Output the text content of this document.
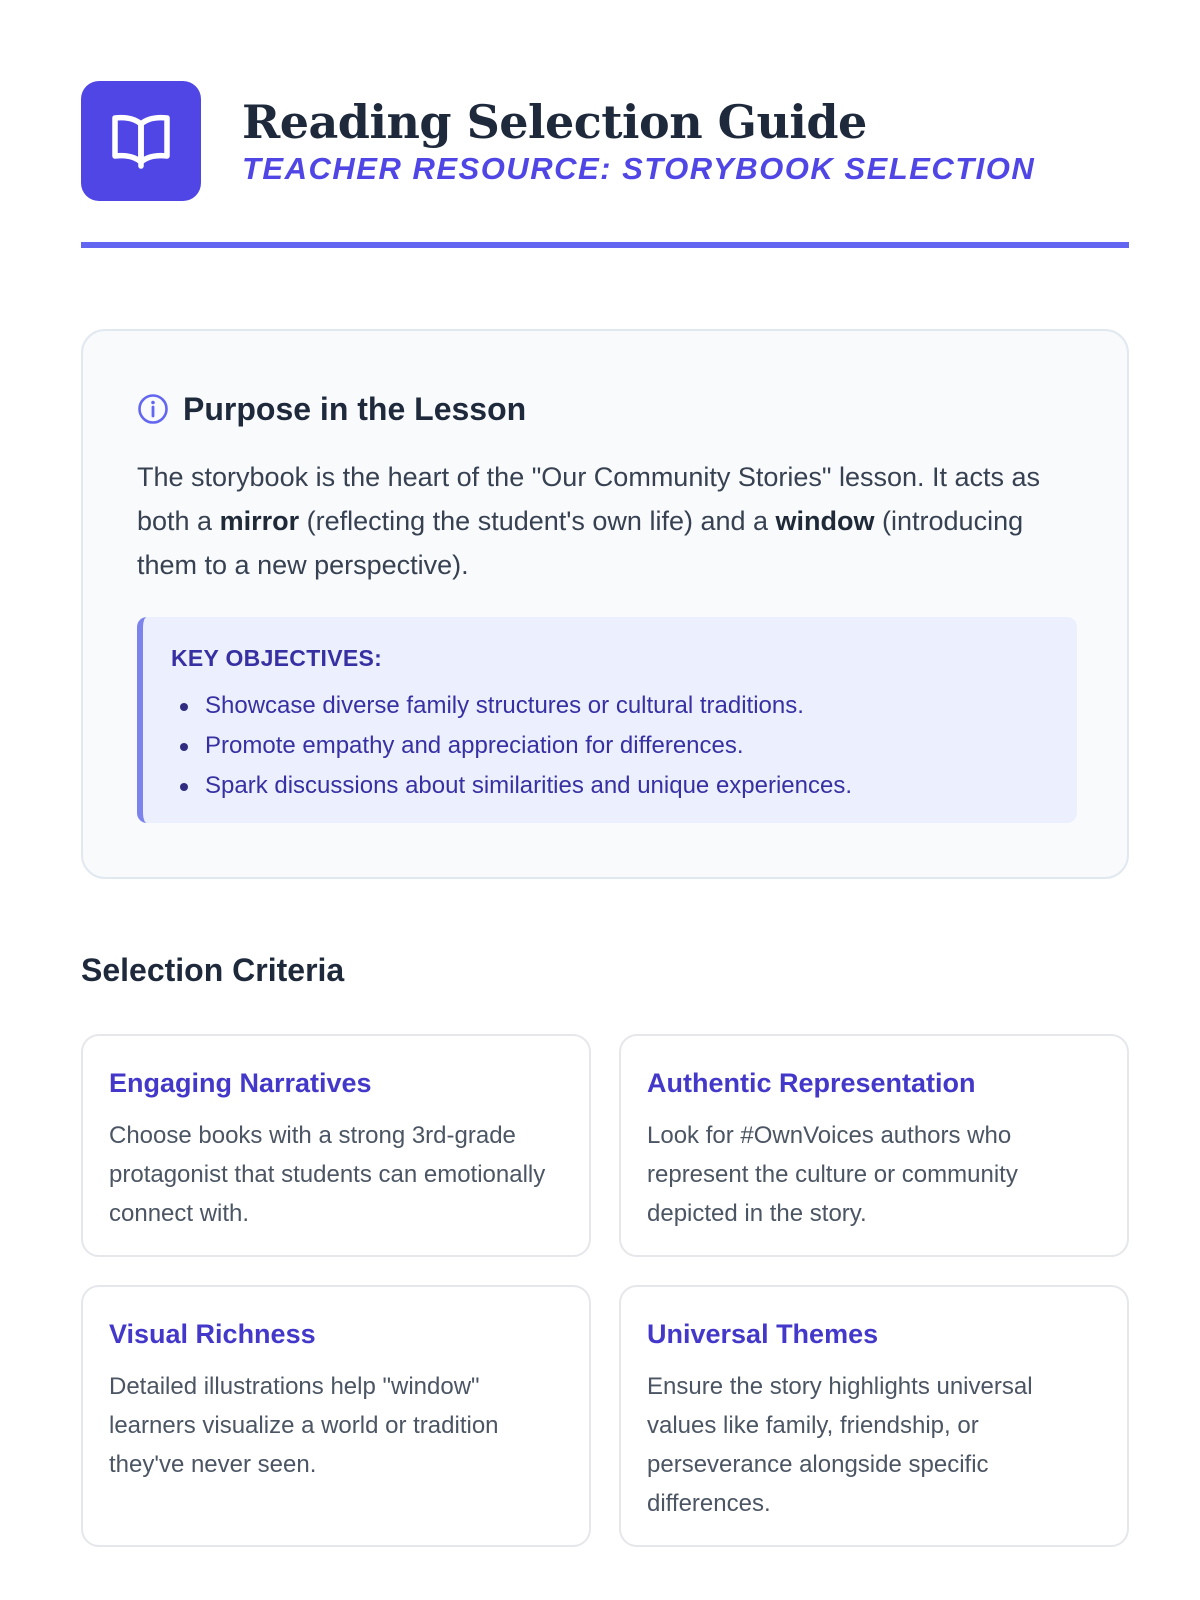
Reading Selection Guide
TEACHER RESOURCE: STORYBOOK SELECTION
Purpose in the Lesson

The storybook is the heart of the "Our Community Stories" lesson. It acts as both a mirror (reflecting the student's own life) and a window (introducing them to a new perspective).

KEY OBJECTIVES:
Showcase diverse family structures or cultural traditions.
Promote empathy and appreciation for differences.
Spark discussions about similarities and unique experiences.
Selection Criteria
Engaging Narratives
Choose books with a strong 3rd-grade protagonist that students can emotionally connect with.
Authentic Representation
Look for #OwnVoices authors who represent the culture or community depicted in the story.
Visual Richness
Detailed illustrations help "window" learners visualize a world or tradition they've never seen.
Universal Themes
Ensure the story highlights universal values like family, friendship, or perseverance alongside specific differences.
